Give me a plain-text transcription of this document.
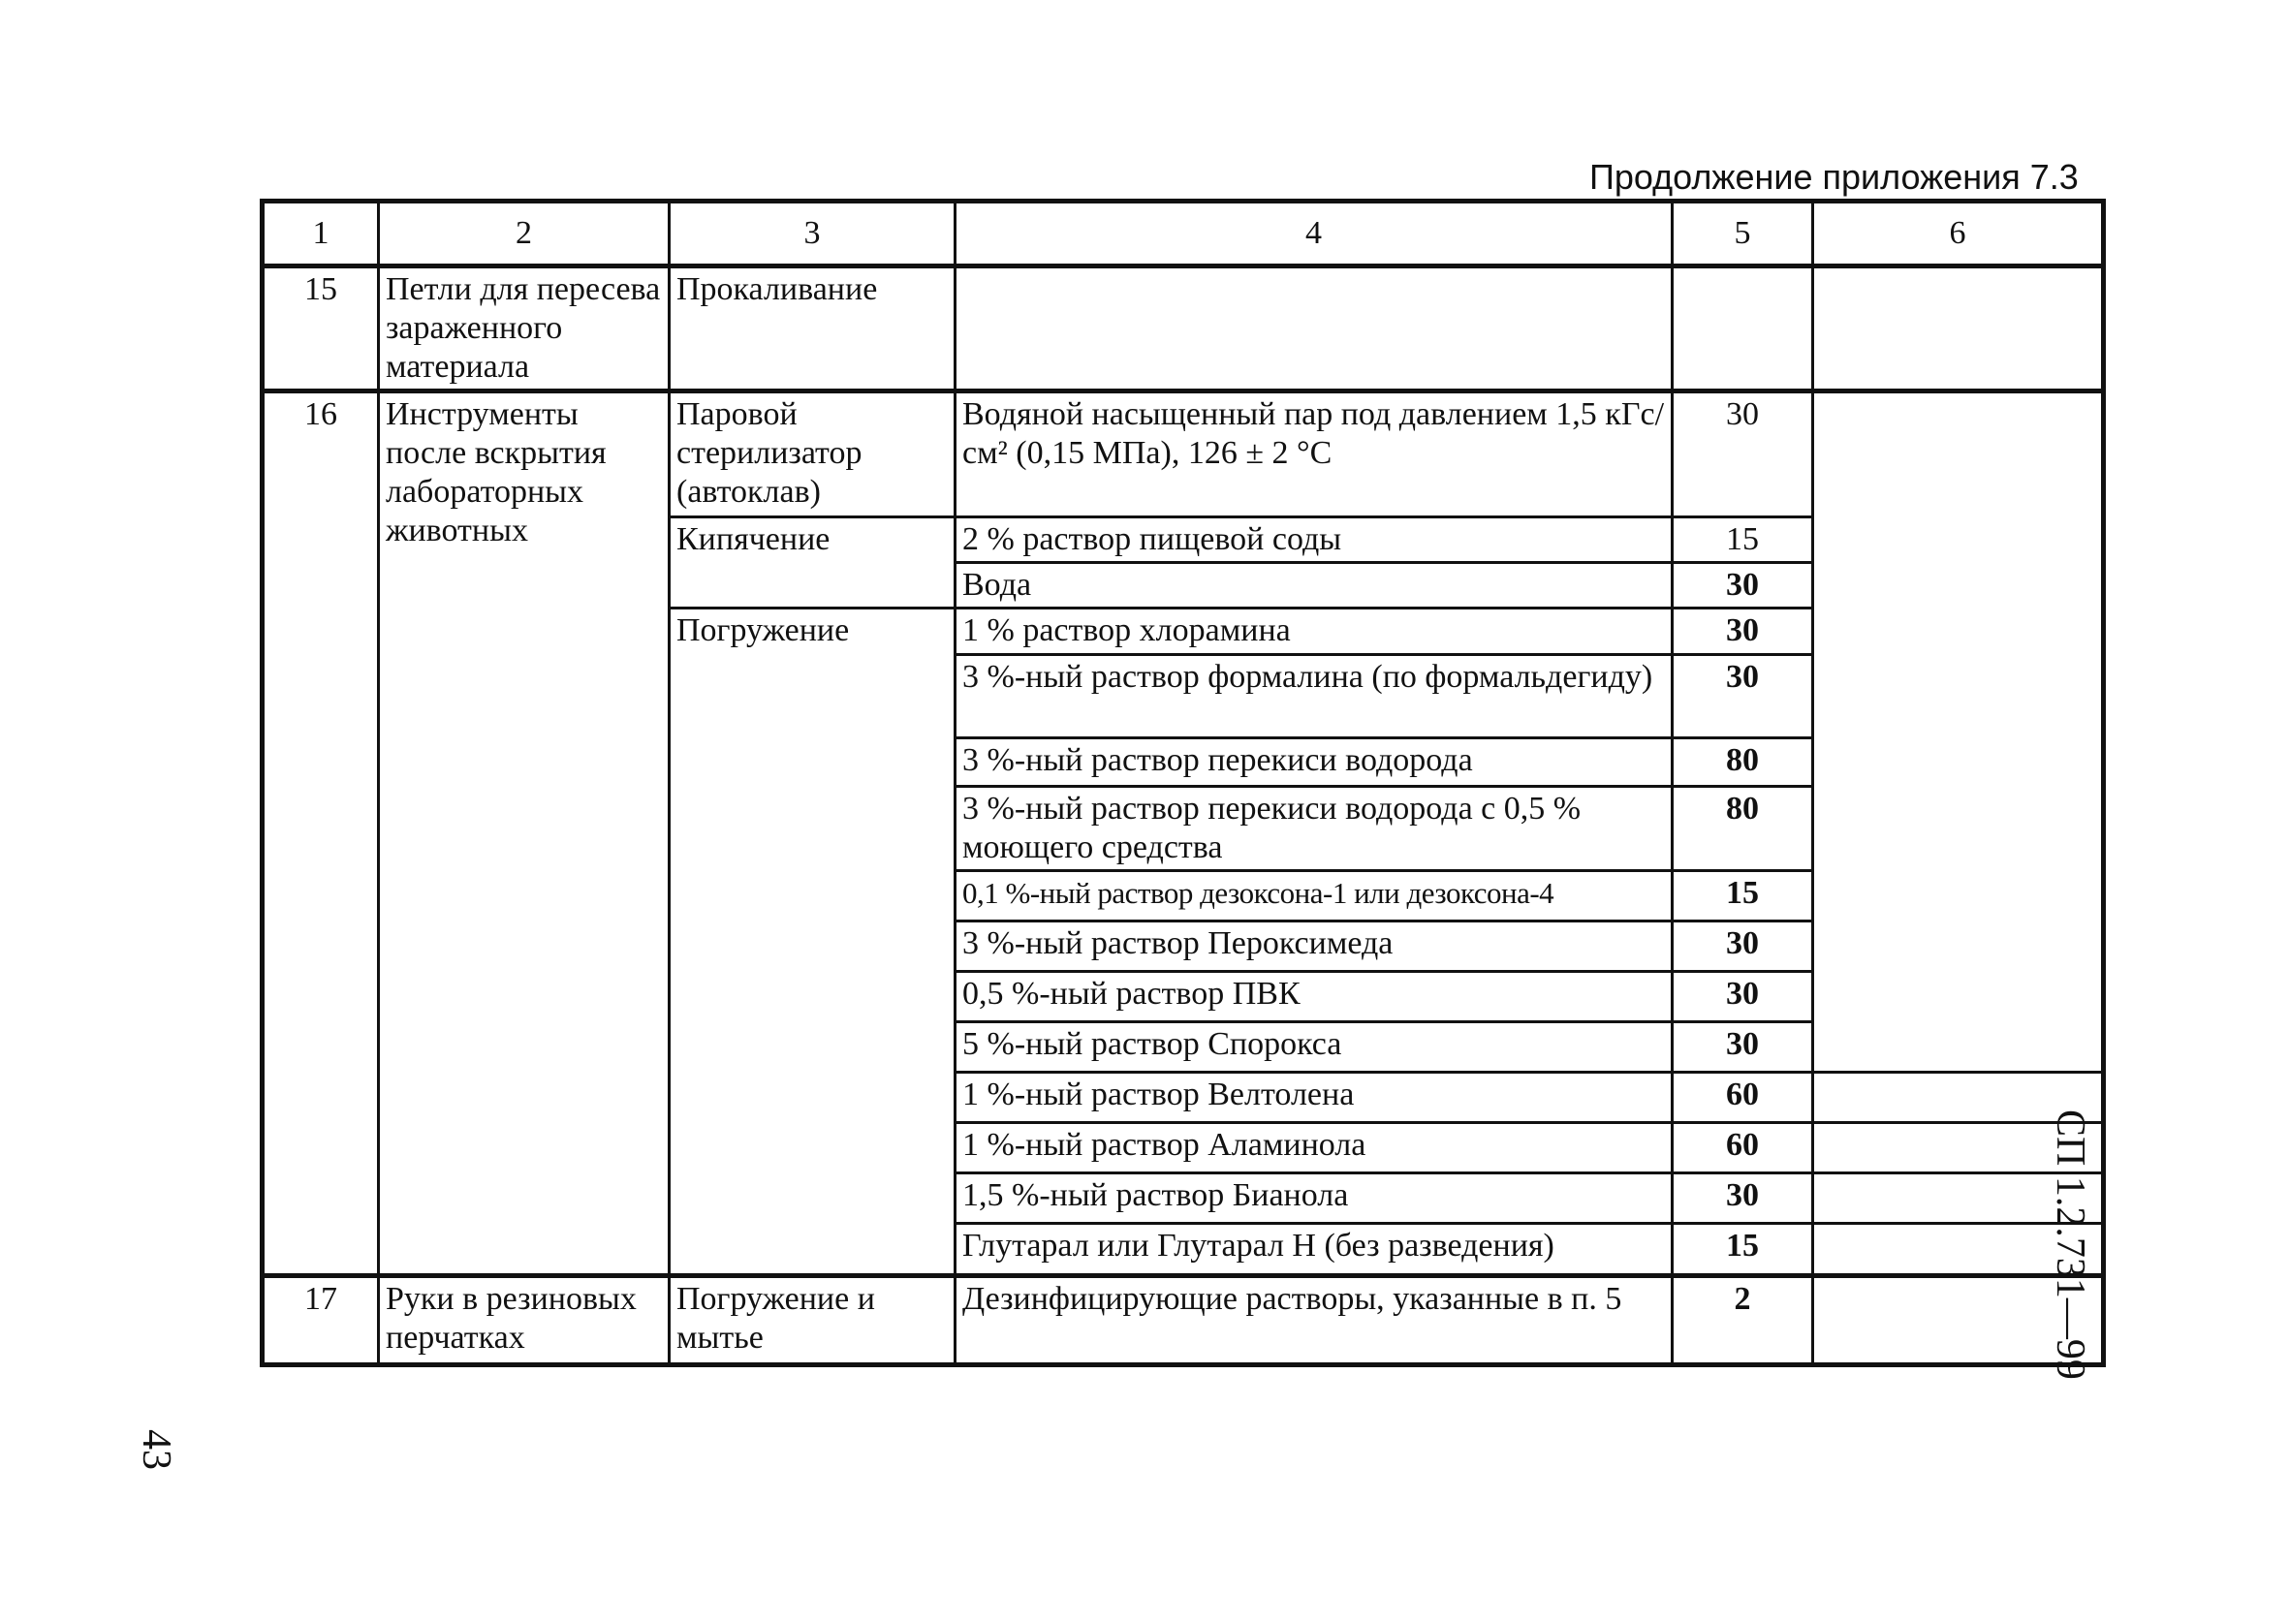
Продолжение приложения 7.3
1	2	3	4	5	6
15	Петли для пересева зараженного материала	Прокаливание			
16	Инструменты после вскрытия лабораторных животных	Паровой стерилизатор (автоклав)	Водяной насыщенный пар под давлением 1,5 кГс/см² (0,15 МПа), 126 ± 2 °С	30	
		Кипячение	2 % раствор пищевой соды	15	
			Вода	30	
		Погружение	1 % раствор хлорамина	30	
			3 %-ный раствор формалина (по формальдегиду)	30	
			3 %-ный раствор перекиси водорода	80	
			3 %-ный раствор перекиси водорода с 0,5 % моющего средства	80	
			0,1 %-ный раствор дезоксона-1 или дезоксона-4	15	
			3 %-ный раствор Пероксимеда	30	
			0,5 %-ный раствор ПВК	30	
			5 %-ный раствор Спорокса	30	
			1 %-ный раствор Велтолена	60	
			1 %-ный раствор Аламинола	60	
			1,5 %-ный раствор Бианола	30	
			Глутарал или Глутарал Н (без разведения)	15	
17	Руки в резиновых перчатках	Погружение и мытье	Дезинфицирующие растворы, указанные в п. 5	2		СП 1.2.731—99
43
